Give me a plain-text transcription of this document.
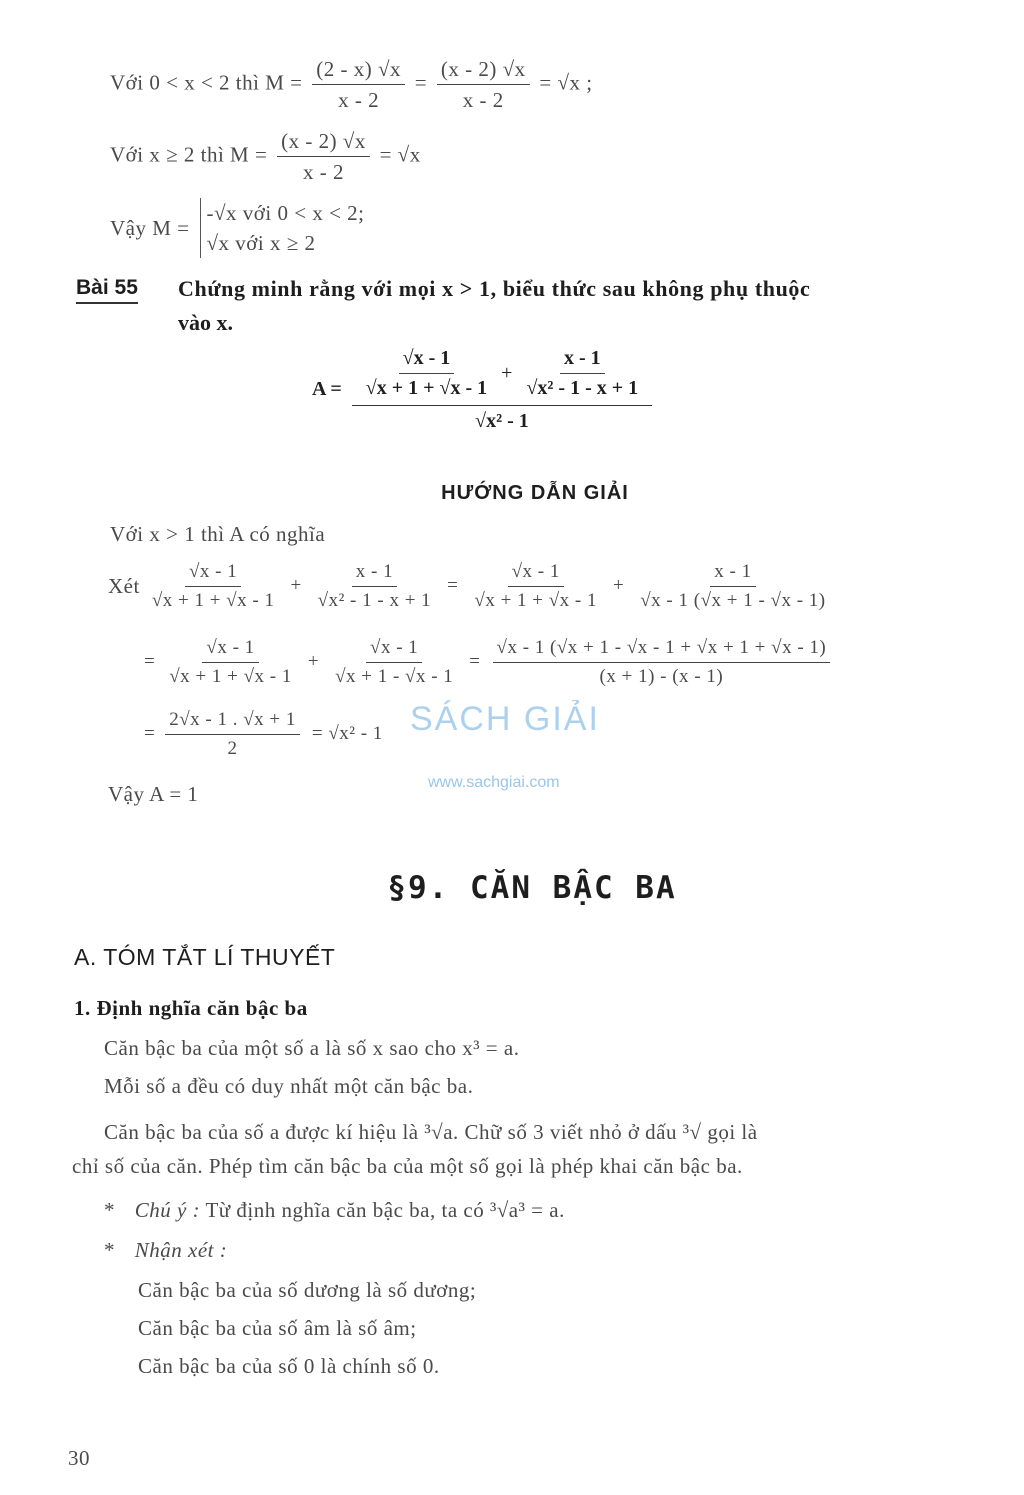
Với 0 < x < 2 thì $M = \frac{(2 - x) √x}{x - 2} = \frac{(x - 2) √x}{x - 2} = √x$ ;
Với x ≥ 2 thì $M = \frac{(x - 2) √x}{x - 2} = √x$
Vậy M =
-√x với 0 < x < 2;
√x với x ≥ 2
Bài 55 Chứng minh rằng với mọi x > 1, biểu thức sau không phụ thuộc
vào x.
$A = \frac{\frac{√x - 1}{√x + 1 + √x - 1} + \frac{x - 1}{\text{√x² - 1 - x + 1}}}{\text{√x² - 1}}$
HƯỚNG DẪN GIẢI
Với x > 1 thì A có nghĩa
Xét $\frac{√x - 1}{√x + 1 + √x - 1} + \frac{x - 1}{\text{√x² - 1 - x + 1}} = \frac{√x - 1}{√x + 1 + √x - 1} + \frac{x - 1}{√x - 1 (√x + 1 - √x - 1)}$
= $\frac{√x - 1}{√x + 1 + √x - 1} + \frac{√x - 1}{√x + 1 - √x - 1} = \frac{√x - 1 (√x + 1 - √x - 1 + √x + 1 + √x - 1)}{(x + 1) - (x - 1)}$
= $\frac{2√x - 1 . √x + 1}{2} = √x^2 - 1$ SÁCH GIẢI
www.sachgiai.com
Vậy A = 1
§9. CĂN BẬC BA
A. TÓM TẮT LÍ THUYẾT
1. Định nghĩa căn bậc ba
Căn bậc ba của một số a là số x sao cho x³ = a.
Mỗi số a đều có duy nhất một căn bậc ba.
Căn bậc ba của số a được kí hiệu là ³√a. Chữ số 3 viết nhỏ ở dấu ³√ gọi là
chỉ số của căn. Phép tìm căn bậc ba của một số gọi là phép khai căn bậc ba.
* Chú ý : Từ định nghĩa căn bậc ba, ta có ³√a³ = a.
* Nhận xét :
Căn bậc ba của số dương là số dương;
Căn bậc ba của số âm là số âm;
Căn bậc ba của số 0 là chính số 0.
30
